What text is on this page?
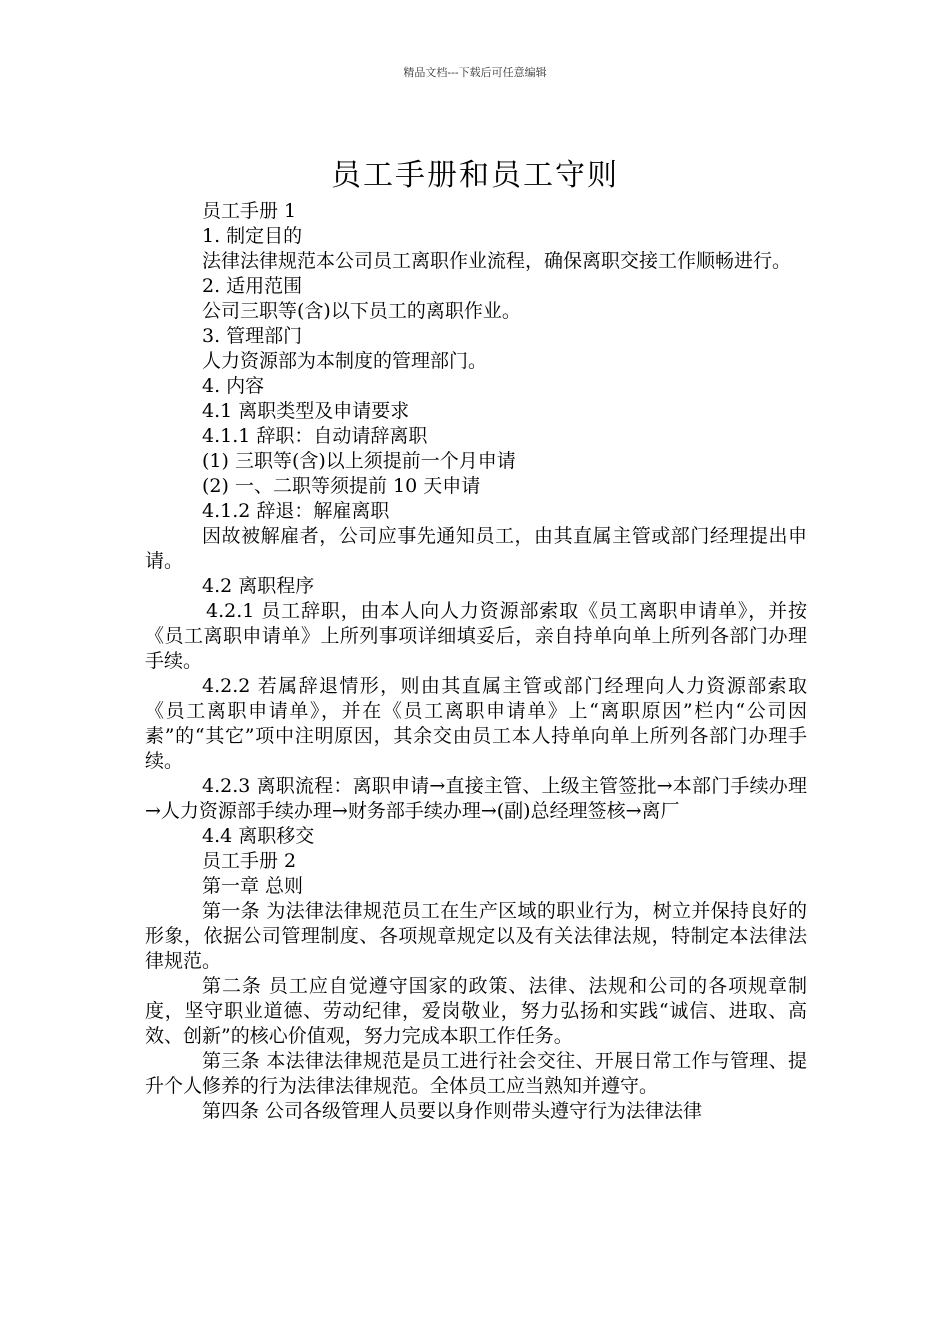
精品文档---下载后可任意编辑
员工手册和员工守则

员工手册 1

1. 制定目的

法律法律规范本公司员工离职作业流程，确保离职交接工作顺畅进行。

2. 适用范围

公司三职等(含)以下员工的离职作业。

3. 管理部门

人力资源部为本制度的管理部门。

4. 内容

4.1 离职类型及申请要求

4.1.1 辞职：自动请辞离职

(1) 三职等(含)以上须提前一个月申请

(2) 一、二职等须提前 10 天申请

4.1.2 辞退：解雇离职

因故被解雇者，公司应事先通知员工，由其直属主管或部门经理提出申请。

4.2 离职程序

4.2.1 员工辞职，由本人向人力资源部索取《员工离职申请单》，并按《员工离职申请单》上所列事项详细填妥后，亲自持单向单上所列各部门办理手续。

4.2.2 若属辞退情形，则由其直属主管或部门经理向人力资源部索取《员工离职申请单》，并在《员工离职申请单》上“离职原因”栏内“公司因素”的“其它”项中注明原因，其余交由员工本人持单向单上所列各部门办理手续。

4.2.3 离职流程：离职申请→直接主管、上级主管签批→本部门手续办理→人力资源部手续办理→财务部手续办理→(副)总经理签核→离厂

4.4 离职移交

员工手册 2

第一章 总则

第一条 为法律法律规范员工在生产区域的职业行为，树立并保持良好的形象，依据公司管理制度、各项规章规定以及有关法律法规，特制定本法律法律规范。

第二条 员工应自觉遵守国家的政策、法律、法规和公司的各项规章制度，坚守职业道德、劳动纪律，爱岗敬业，努力弘扬和实践“诚信、进取、高效、创新”的核心价值观，努力完成本职工作任务。

第三条 本法律法律规范是员工进行社会交往、开展日常工作与管理、提升个人修养的行为法律法律规范。全体员工应当熟知并遵守。

第四条 公司各级管理人员要以身作则带头遵守行为法律法律
